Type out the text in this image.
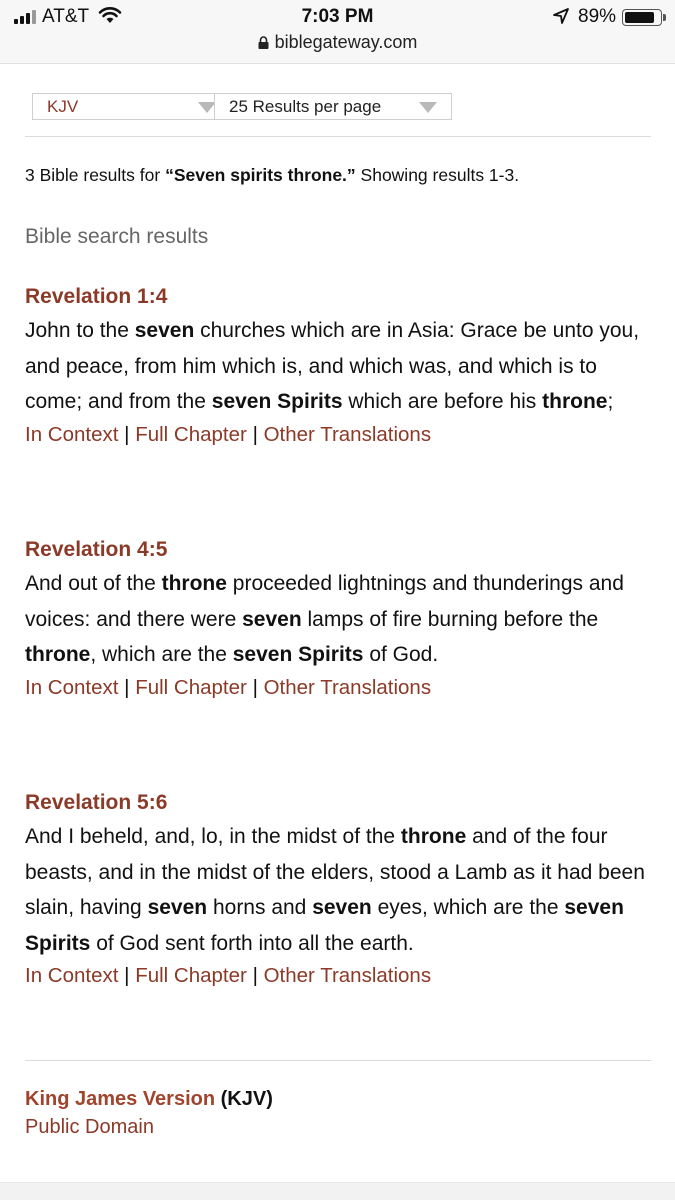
AT&T	7:03 PM	89%
biblegateway.com
KJV	25 Results per page
3 Bible results for “Seven spirits throne.” Showing results 1-3.
Bible search results
Revelation 1:4

John to the seven churches which are in Asia: Grace be unto you, and peace, from him which is, and which was, and which is to come; and from the seven Spirits which are before his throne;

In Context | Full Chapter | Other Translations
Revelation 4:5

And out of the throne proceeded lightnings and thunderings and voices: and there were seven lamps of fire burning before the throne, which are the seven Spirits of God.

In Context | Full Chapter | Other Translations
Revelation 5:6

And I beheld, and, lo, in the midst of the throne and of the four beasts, and in the midst of the elders, stood a Lamb as it had been slain, having seven horns and seven eyes, which are the seven Spirits of God sent forth into all the earth.

In Context | Full Chapter | Other Translations
King James Version (KJV)
Public Domain
